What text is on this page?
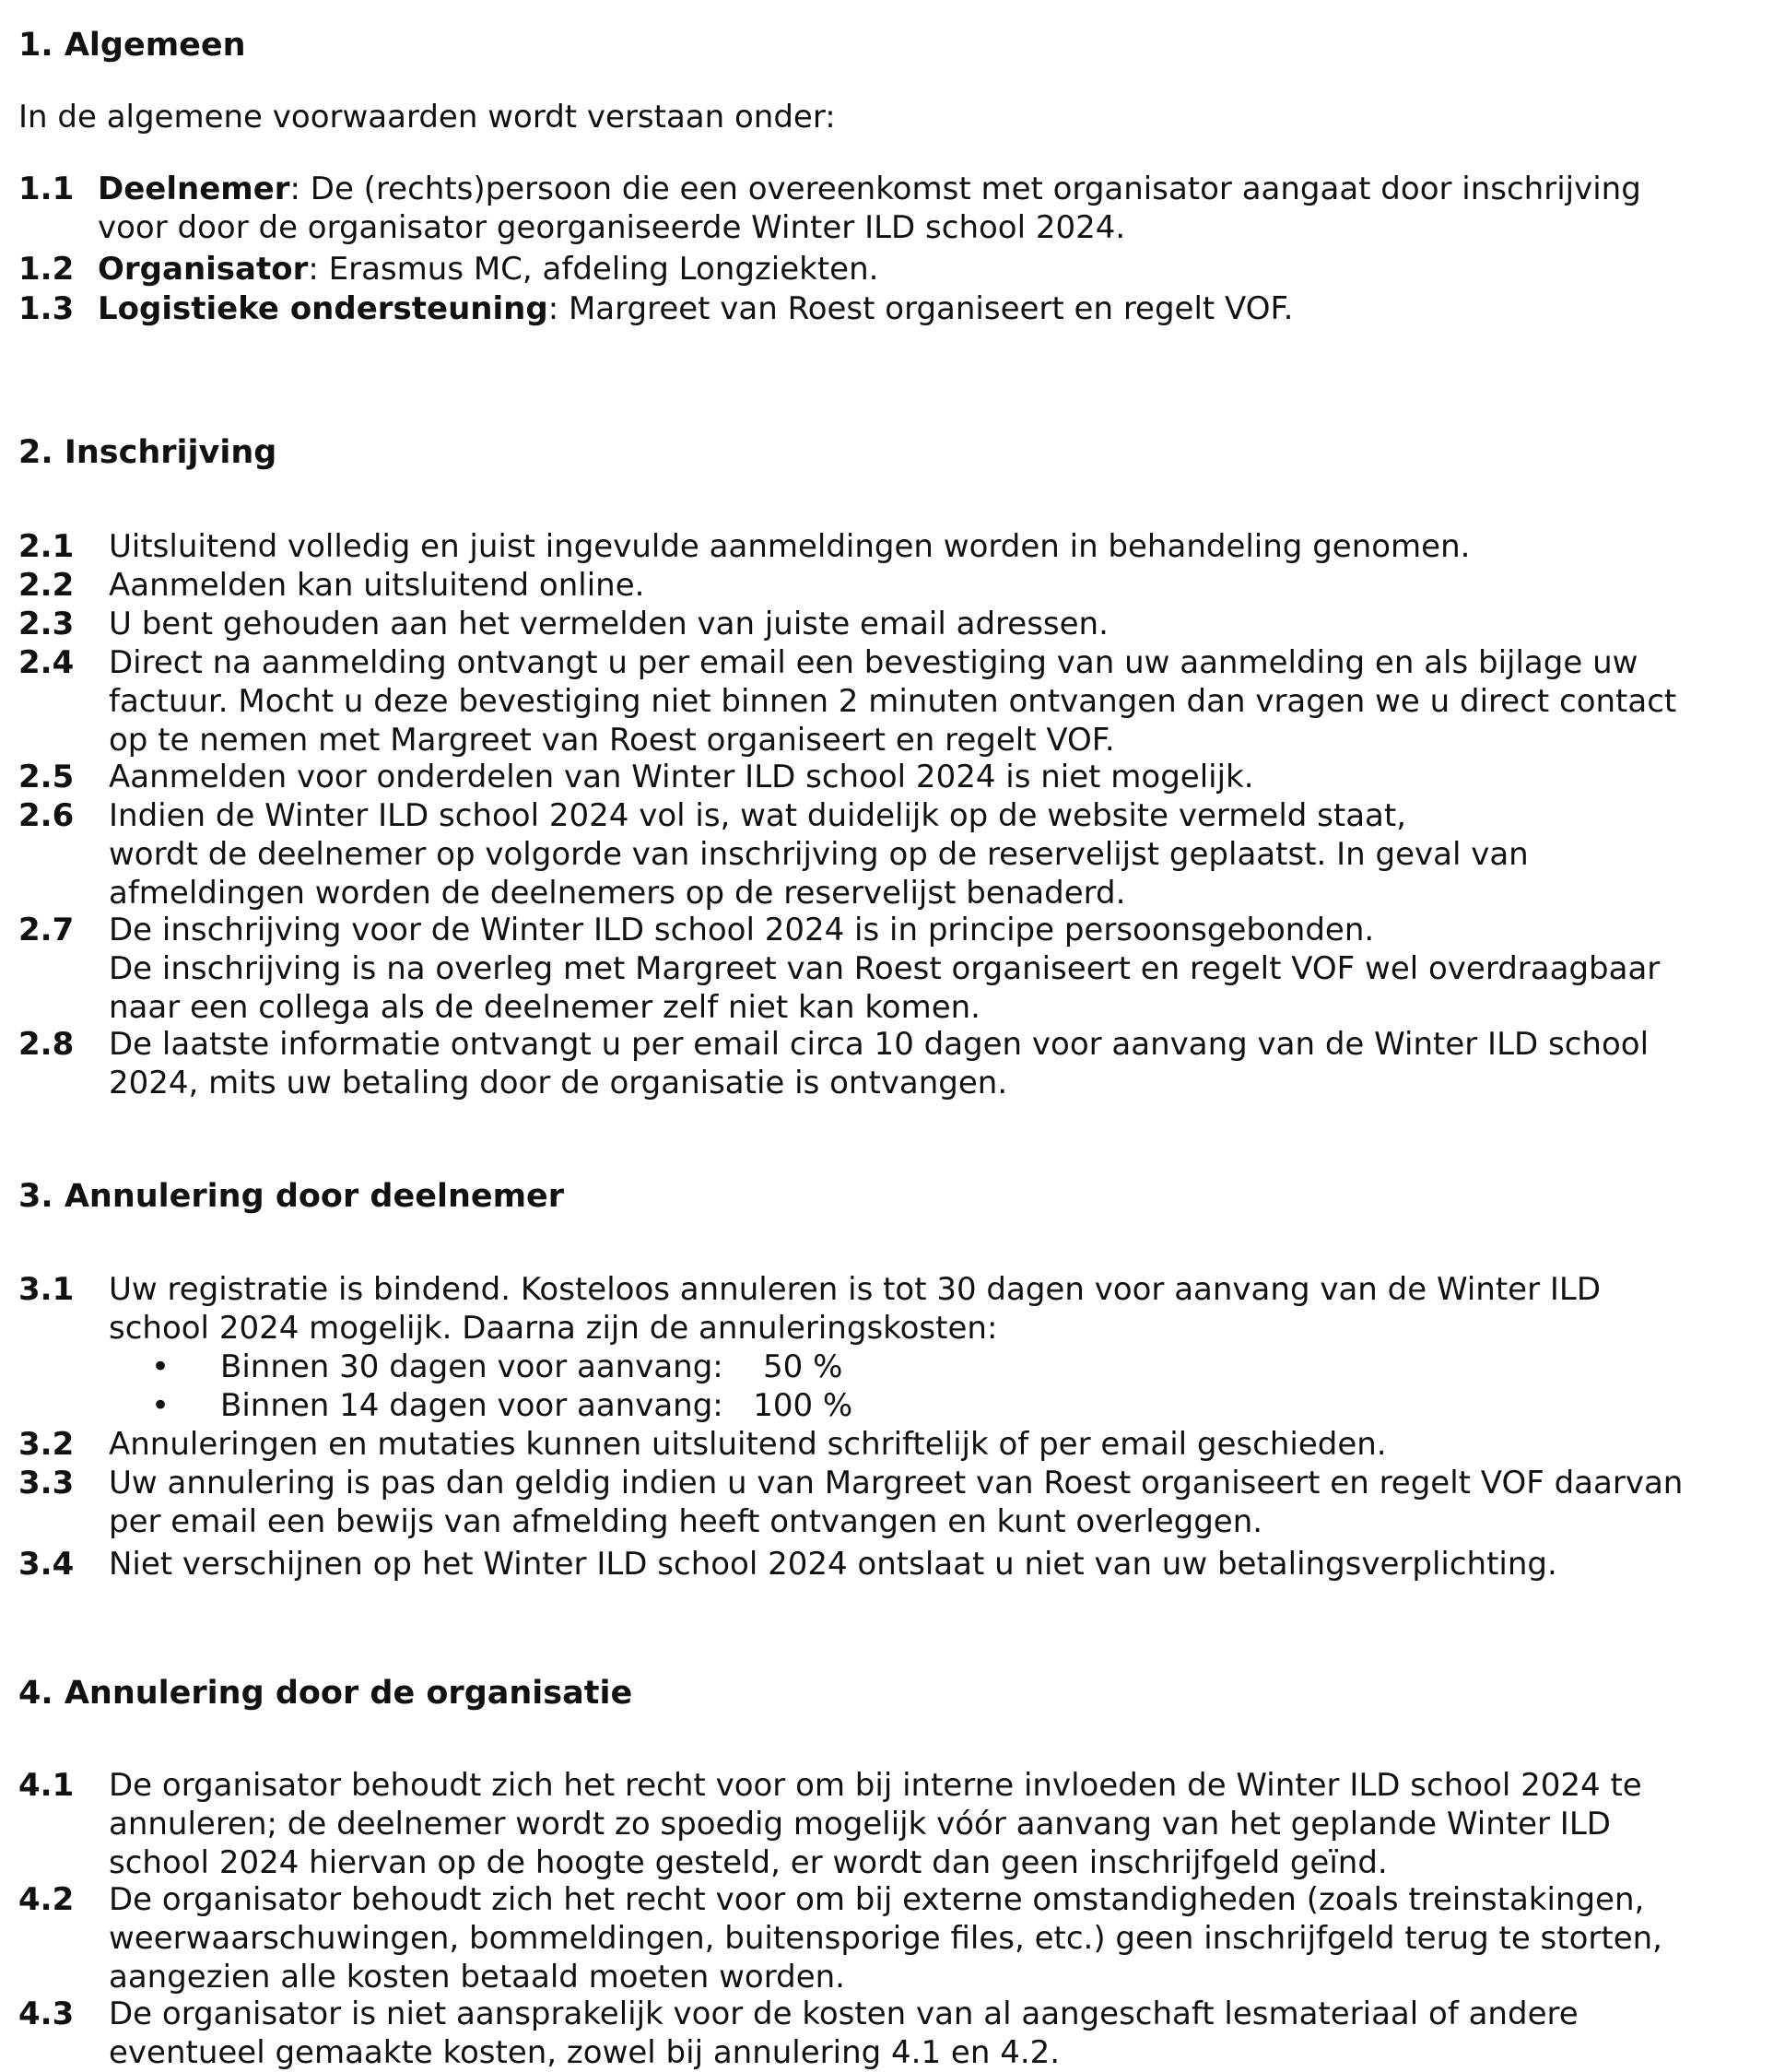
1. Algemeen

In de algemene voorwaarden wordt verstaan onder:

1.1 Deelnemer: De (rechts)persoon die een overeenkomst met organisator aangaat door inschrijving
voor door de organisator georganiseerde Winter ILD school 2024.

1.2 Organisator: Erasmus MC, afdeling Longziekten.

1.3 Logistieke ondersteuning: Margreet van Roest organiseert en regelt VOF.

2. Inschrijving
2.1 Uitsluitend volledig en juist ingevulde aanmeldingen worden in behandeling genomen.

2.2 Aanmelden kan uitsluitend online.

2.3 U bent gehouden aan het vermelden van juiste email adressen.

2.4 Direct na aanmelding ontvangt u per email een bevestiging van uw aanmelding en als bijlage uw
factuur. Mocht u deze bevestiging niet binnen 2 minuten ontvangen dan vragen we u direct contact
op te nemen met Margreet van Roest organiseert en regelt VOF.

2.5 Aanmelden voor onderdelen van Winter ILD school 2024 is niet mogelijk.

2.6 Indien de Winter ILD school 2024 vol is, wat duidelijk op de website vermeld staat,
wordt de deelnemer op volgorde van inschrijving op de reservelijst geplaatst. In geval van
afmeldingen worden de deelnemers op de reservelijst benaderd.

2.7 De inschrijving voor de Winter ILD school 2024 is in principe persoonsgebonden.
De inschrijving is na overleg met Margreet van Roest organiseert en regelt VOF wel overdraagbaar
naar een collega als de deelnemer zelf niet kan komen.

2.8 De laatste informatie ontvangt u per email circa 10 dagen voor aanvang van de Winter ILD school
2024, mits uw betaling door de organisatie is ontvangen.

3. Annulering door deelnemer
3.1 Uw registratie is bindend. Kosteloos annuleren is tot 30 dagen voor aanvang van de Winter ILD
school 2024 mogelijk. Daarna zijn de annuleringskosten:

• Binnen 30 dagen voor aanvang: 50 %
• Binnen 14 dagen voor aanvang: 100 %
3.2 Annuleringen en mutaties kunnen uitsluitend schriftelijk of per email geschieden.

3.3 Uw annulering is pas dan geldig indien u van Margreet van Roest organiseert en regelt VOF daarvan
per email een bewijs van afmelding heeft ontvangen en kunt overleggen.

3.4 Niet verschijnen op het Winter ILD school 2024 ontslaat u niet van uw betalingsverplichting.

4. Annulering door de organisatie
4.1 De organisator behoudt zich het recht voor om bij interne invloeden de Winter ILD school 2024 te
annuleren; de deelnemer wordt zo spoedig mogelijk vóór aanvang van het geplande Winter ILD
school 2024 hiervan op de hoogte gesteld, er wordt dan geen inschrijfgeld geïnd.

4.2 De organisator behoudt zich het recht voor om bij externe omstandigheden (zoals treinstakingen,
weerwaarschuwingen, bommeldingen, buitensporige files, etc.) geen inschrijfgeld terug te storten,
aangezien alle kosten betaald moeten worden.

4.3 De organisator is niet aansprakelijk voor de kosten van al aangeschaft lesmateriaal of andere
eventueel gemaakte kosten, zowel bij annulering 4.1 en 4.2.
